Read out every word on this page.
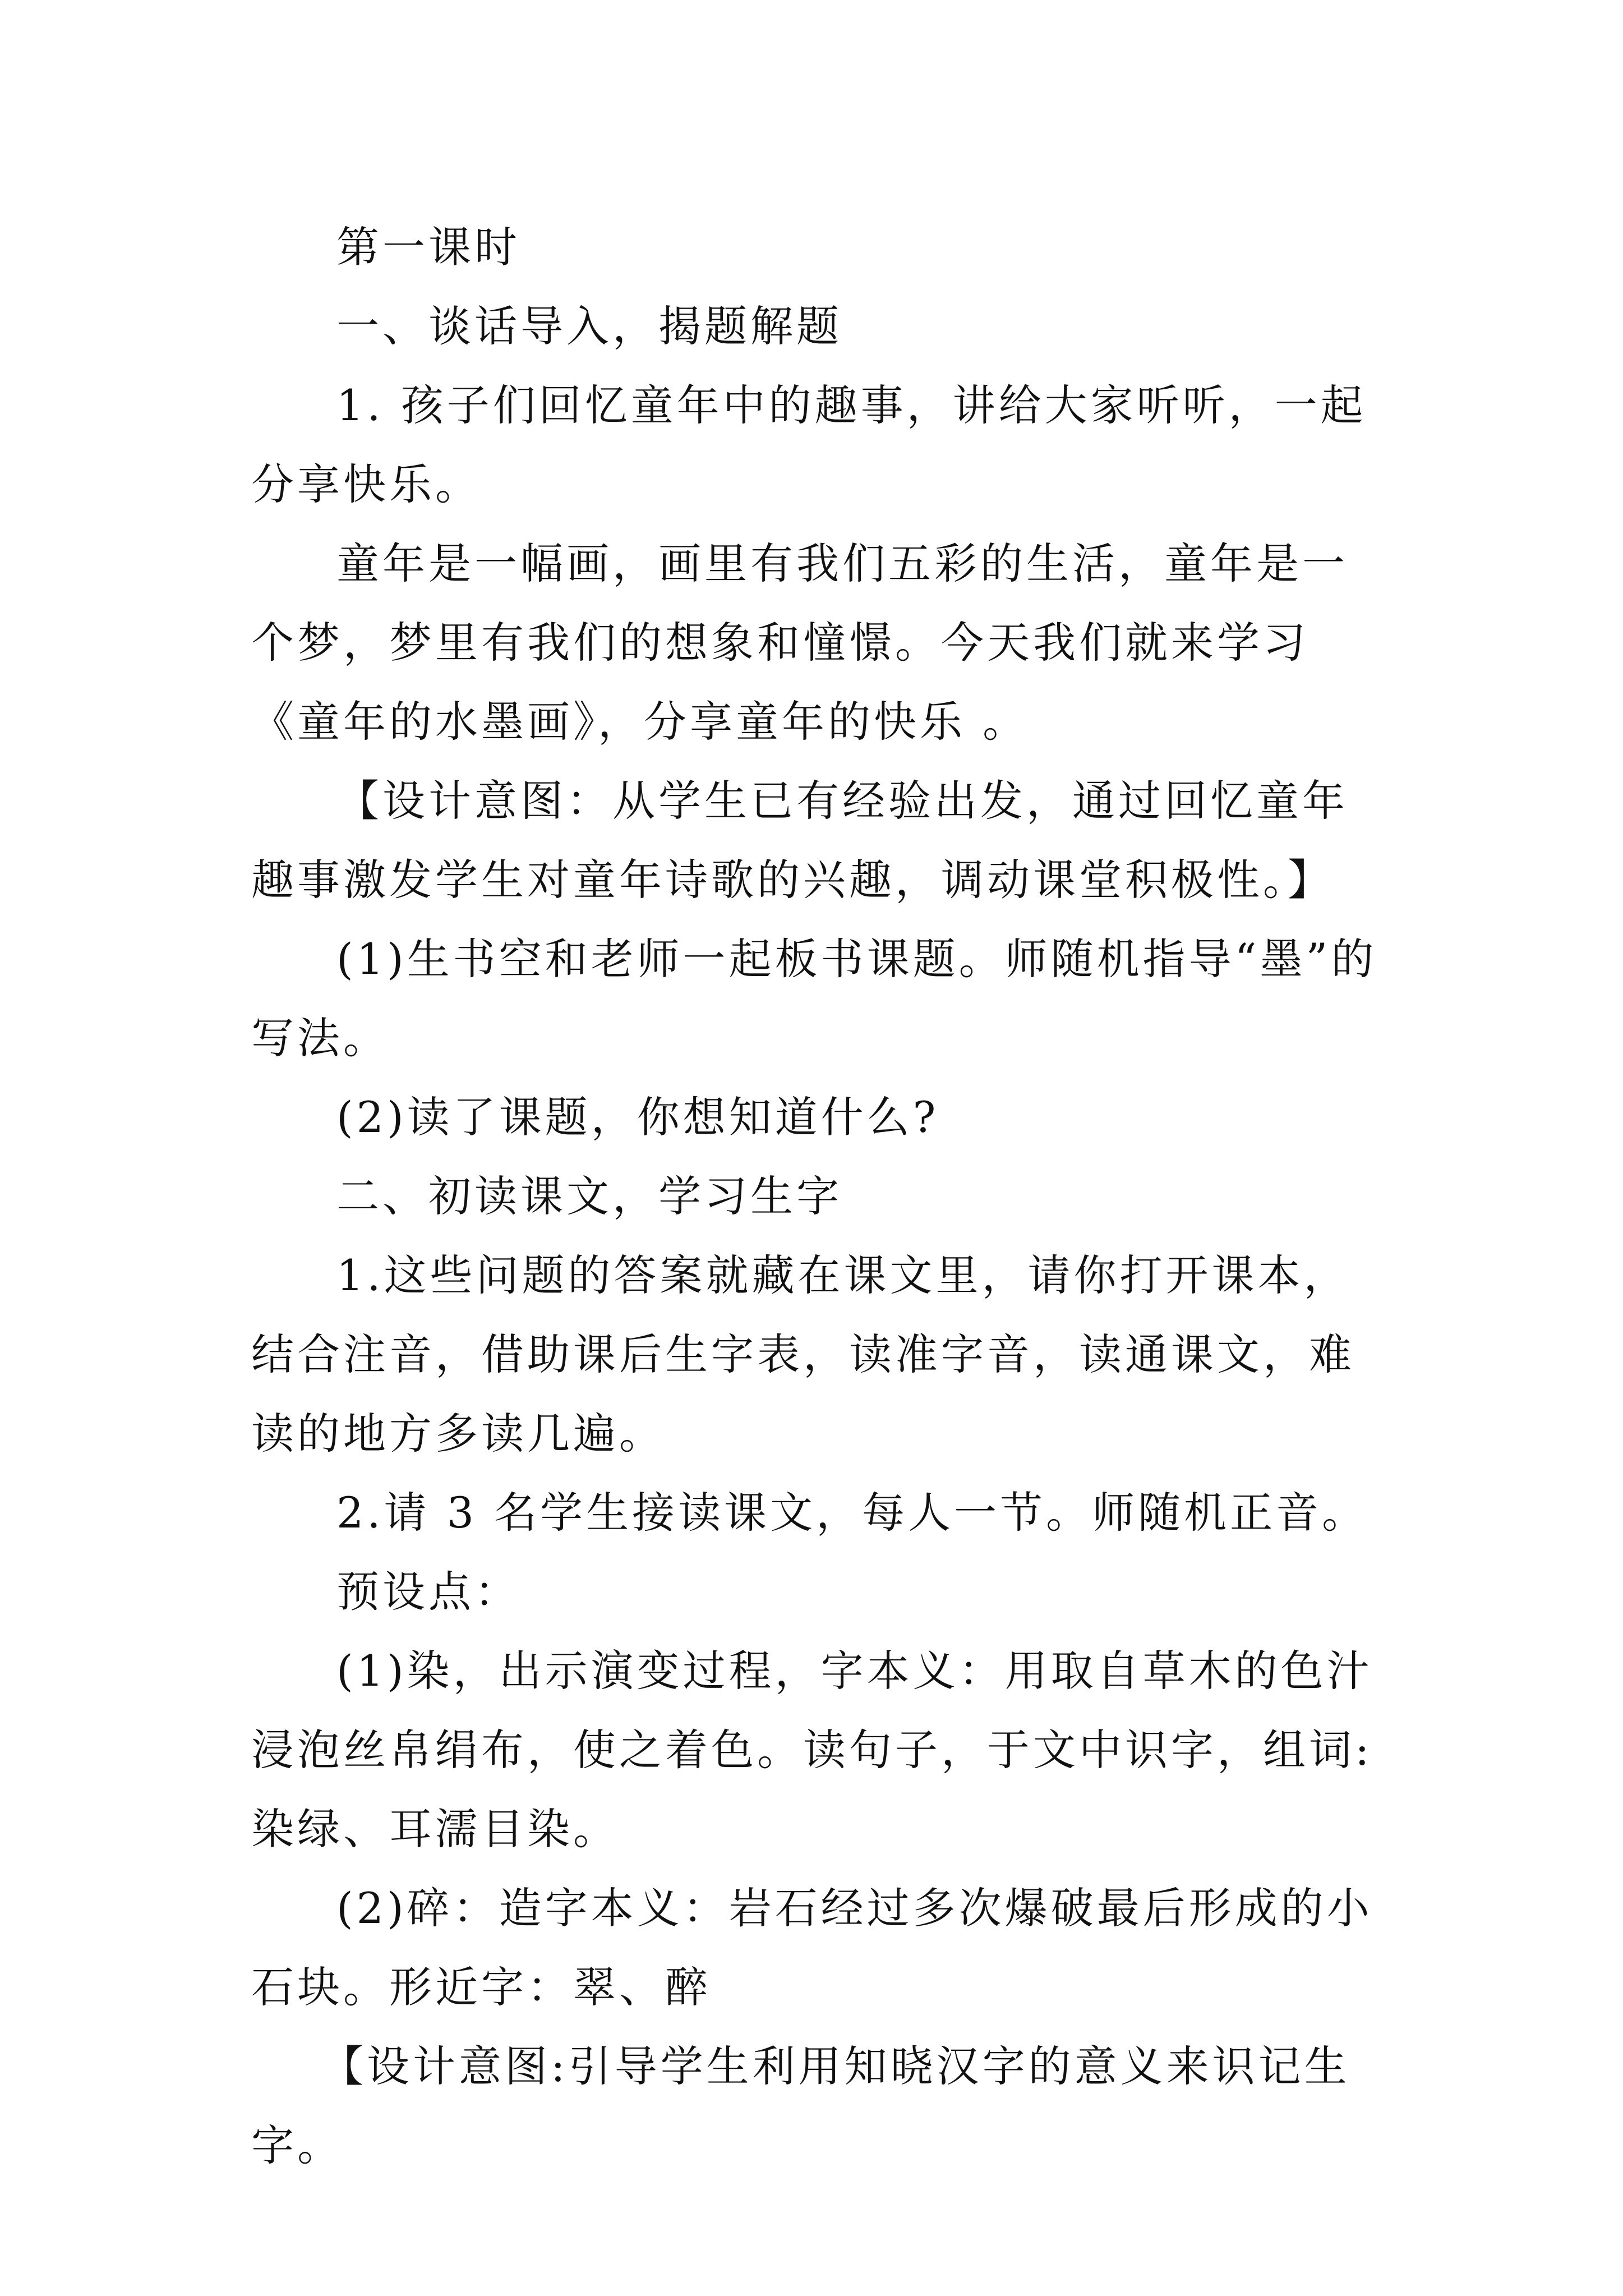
第一课时

一、谈话导入，揭题解题

1. 孩子们回忆童年中的趣事，讲给大家听听，一起分享快乐。

童年是一幅画，画里有我们五彩的生活，童年是一个梦，梦里有我们的想象和憧憬。今天我们就来学习《童年的水墨画》，分享童年的快乐 。

【设计意图：从学生已有经验出发，通过回忆童年趣事激发学生对童年诗歌的兴趣，调动课堂积极性。】

(1)生书空和老师一起板书课题。师随机指导“墨”的写法。

(2)读了课题，你想知道什么?

二、初读课文，学习生字

1.这些问题的答案就藏在课文里，请你打开课本，结合注音，借助课后生字表，读准字音，读通课文，难读的地方多读几遍。

2.请 3 名学生接读课文，每人一节。师随机正音。

预设点：

(1)染，出示演变过程，字本义：用取自草木的色汁浸泡丝帛绢布，使之着色。读句子，于文中识字，组词:染绿、耳濡目染。

(2)碎：造字本义：岩石经过多次爆破最后形成的小石块。形近字：翠、醉

【设计意图:引导学生利用知晓汉字的意义来识记生字。
